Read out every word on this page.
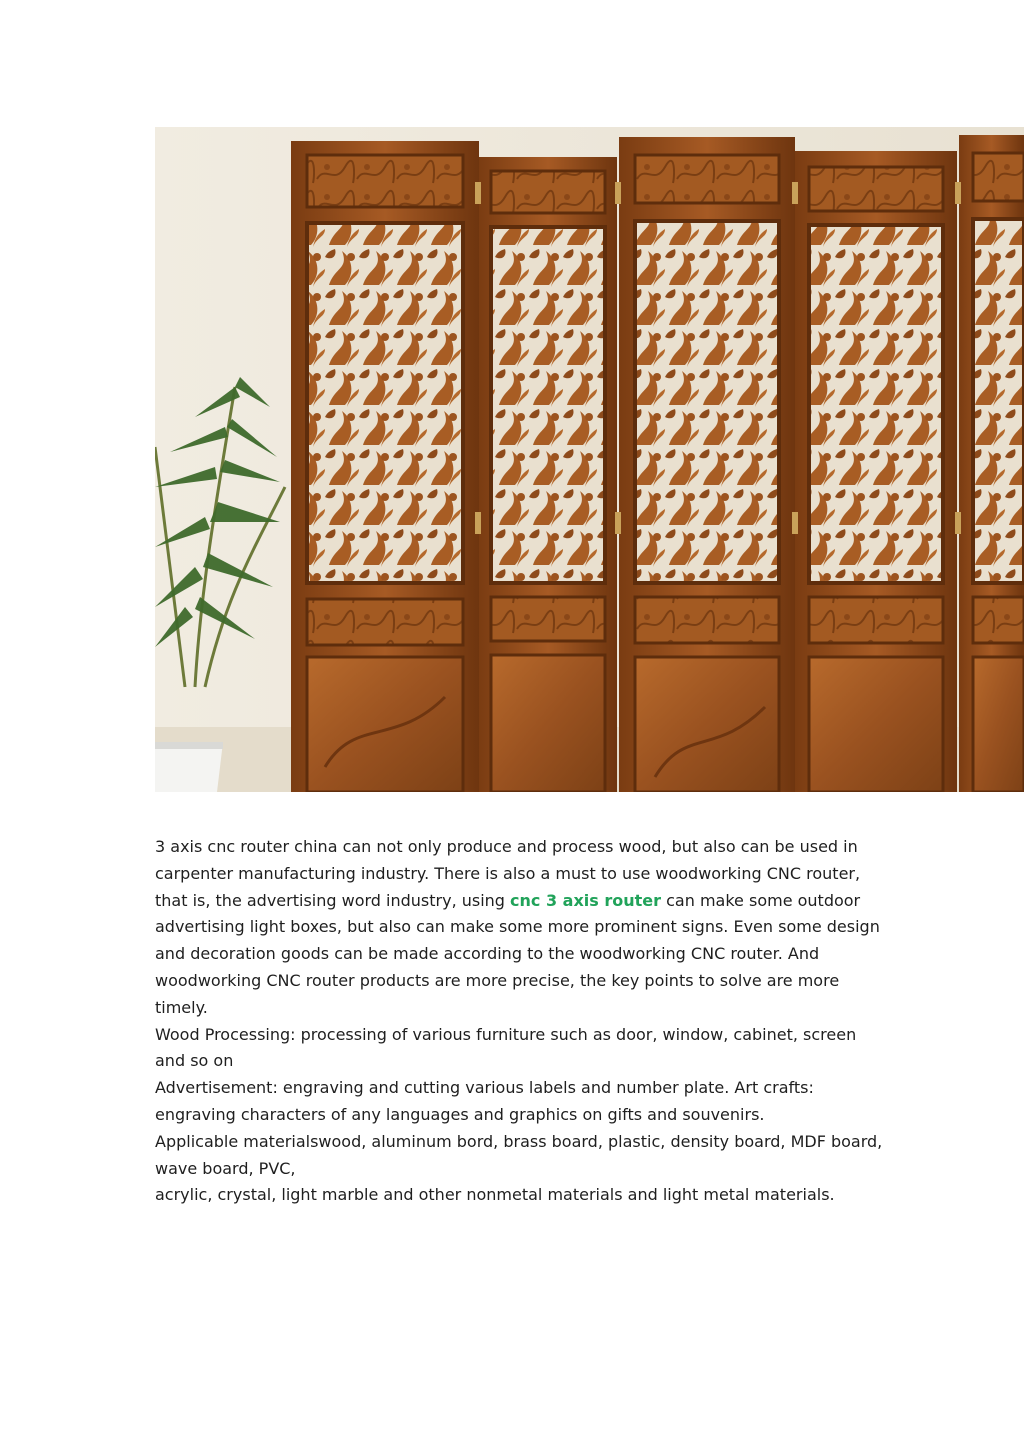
3 axis cnc router china can not only produce and process wood, but also can be used in carpenter manufacturing industry. There is also a must to use woodworking CNC router, that is, the advertising word industry, using cnc 3 axis router can make some outdoor advertising light boxes, but also can make some more prominent signs. Even some design and decoration goods can be made according to the woodworking CNC router. And woodworking CNC router products are more precise, the key points to solve are more timely.

Wood Processing: processing of various furniture such as door, window, cabinet, screen and so on

Advertisement: engraving and cutting various labels and number plate. Art crafts: engraving characters of any languages and graphics on gifts and souvenirs.

Applicable materialswood, aluminum bord, brass board, plastic, density board, MDF board, wave board, PVC,

acrylic, crystal, light marble and other nonmetal materials and light metal materials.
